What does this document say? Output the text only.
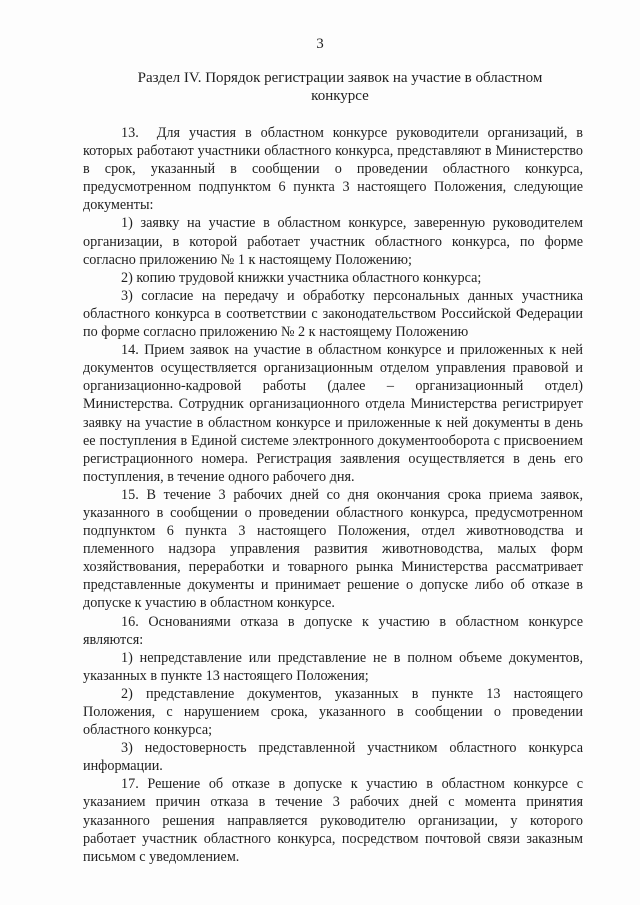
3
Раздел IV. Порядок регистрации заявок на участие в областном конкурсе

13. Для участия в областном конкурсе руководители организаций, в которых работают участники областного конкурса, представляют в Министерство в срок, указанный в сообщении о проведении областного конкурса, предусмотренном подпунктом 6 пункта 3 настоящего Положения, следующие документы:

1) заявку на участие в областном конкурсе, заверенную руководителем организации, в которой работает участник областного конкурса, по форме согласно приложению № 1 к настоящему Положению;

2) копию трудовой книжки участника областного конкурса;

3) согласие на передачу и обработку персональных данных участника областного конкурса в соответствии с законодательством Российской Федерации по форме согласно приложению № 2 к настоящему Положению

14. Прием заявок на участие в областном конкурсе и приложенных к ней документов осуществляется организационным отделом управления правовой и организационно-кадровой работы (далее – организационный отдел) Министерства. Сотрудник организационного отдела Министерства регистрирует заявку на участие в областном конкурсе и приложенные к ней документы в день ее поступления в Единой системе электронного документооборота с присвоением регистрационного номера. Регистрация заявления осуществляется в день его поступления, в течение одного рабочего дня.

15. В течение 3 рабочих дней со дня окончания срока приема заявок, указанного в сообщении о проведении областного конкурса, предусмотренном подпунктом 6 пункта 3 настоящего Положения, отдел животноводства и племенного надзора управления развития животноводства, малых форм хозяйствования, переработки и товарного рынка Министерства рассматривает представленные документы и принимает решение о допуске либо об отказе в допуске к участию в областном конкурсе.

16. Основаниями отказа в допуске к участию в областном конкурсе являются:

1) непредставление или представление не в полном объеме документов, указанных в пункте 13 настоящего Положения;

2) представление документов, указанных в пункте 13 настоящего Положения, с нарушением срока, указанного в сообщении о проведении областного конкурса;

3) недостоверность представленной участником областного конкурса информации.

17. Решение об отказе в допуске к участию в областном конкурсе с указанием причин отказа в течение 3 рабочих дней с момента принятия указанного решения направляется руководителю организации, у которого работает участник областного конкурса, посредством почтовой связи заказным письмом с уведомлением.
